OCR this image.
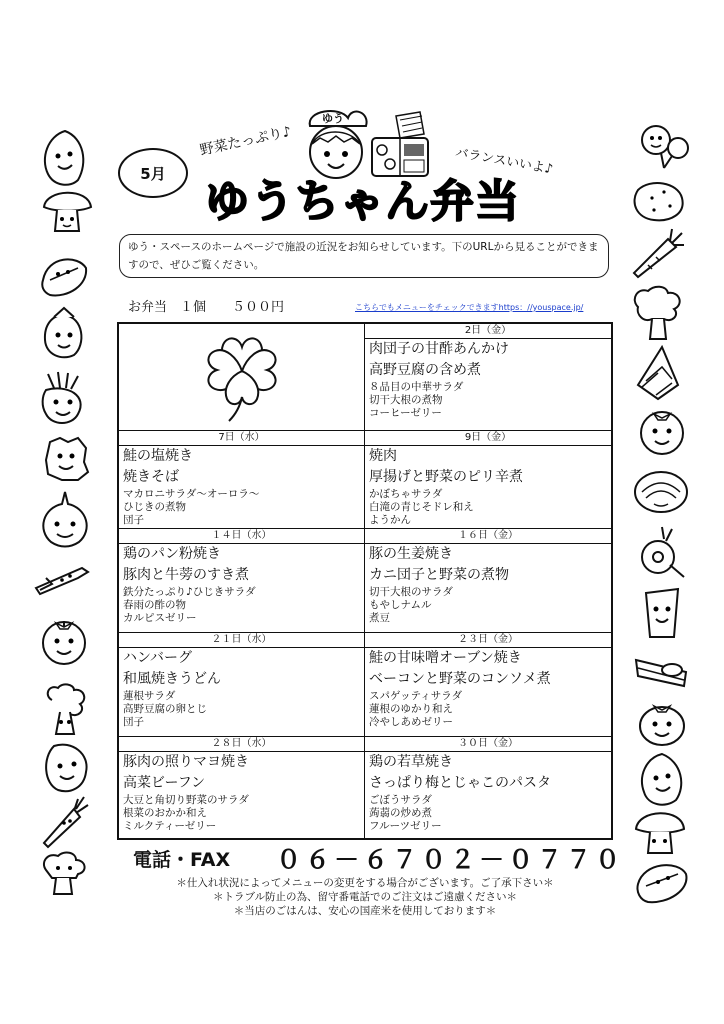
5月
野菜たっぷり♪
バランスいいよ♪
ゆう
ゆうちゃん弁当
ゆう・スペースのホームページで施設の近況をお知らせしています。下のURLから見ることができますので、ぜひご覧ください。
お弁当　１個　　５００円	こちらでもメニューをチェックできますhttps：//youspace.jp/
2日（金）
肉団子の甘酢あんかけ
高野豆腐の含め煮
８品目の中華サラダ
切干大根の煮物
コーヒーゼリー
7日（水）
鮭の塩焼き
焼きそば
マカロニサラダ〜オーロラ〜
ひじきの煮物
団子
9日（金）
焼肉
厚揚げと野菜のピリ辛煮
かぼちゃサラダ
白滝の青じそドレ和え
ようかん
１４日（水）
鶏のパン粉焼き
豚肉と牛蒡のすき煮
鉄分たっぷり♪ひじきサラダ
春雨の酢の物
カルピスゼリー
１６日（金）
豚の生姜焼き
カニ団子と野菜の煮物
切干大根のサラダ
もやしナムル
煮豆
２１日（水）
ハンバーグ
和風焼きうどん
蓮根サラダ
高野豆腐の卵とじ
団子
２３日（金）
鮭の甘味噌オーブン焼き
ベーコンと野菜のコンソメ煮
スパゲッティサラダ
蓮根のゆかり和え
冷やしあめゼリー
２８日（水）
豚肉の照りマヨ焼き
高菜ビーフン
大豆と角切り野菜のサラダ
根菜のおかか和え
ミルクティーゼリー
３０日（金）
鶏の若草焼き
さっぱり梅とじゃこのパスタ
ごぼうサラダ
蒟蒻の炒め煮
フルーツゼリー
電話・FAX ０６－６７０２－０７７０
＊仕入れ状況によってメニューの変更をする場合がございます。ご了承下さい＊
＊トラブル防止の為、留守番電話でのご注文はご遠慮ください＊
＊当店のごはんは、安心の国産米を使用しております＊
